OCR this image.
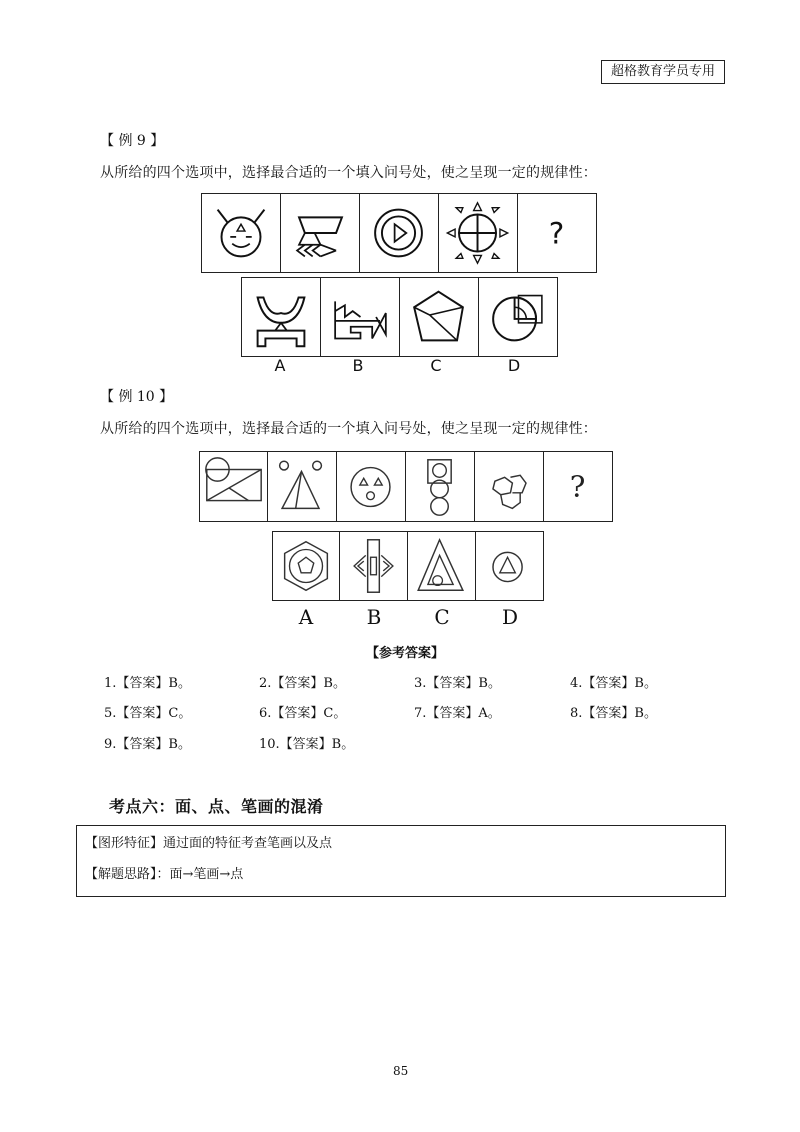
超格教育学员专用
【 例 9 】
从所给的四个选项中，选择最合适的一个填入问号处，使之呈现一定的规律性：
?
A	B	C	D
【 例 10 】
从所给的四个选项中，选择最合适的一个填入问号处，使之呈现一定的规律性：
?
A	B	C	D
【参考答案】
1.【答案】B。	2.【答案】B。	3.【答案】B。	4.【答案】B。
5.【答案】C。	6.【答案】C。	7.【答案】A。	8.【答案】B。
9.【答案】B。	10.【答案】B。
考点六：面、点、笔画的混淆
【图形特征】通过面的特征考查笔画以及点
【解题思路】：面→笔画→点
85
